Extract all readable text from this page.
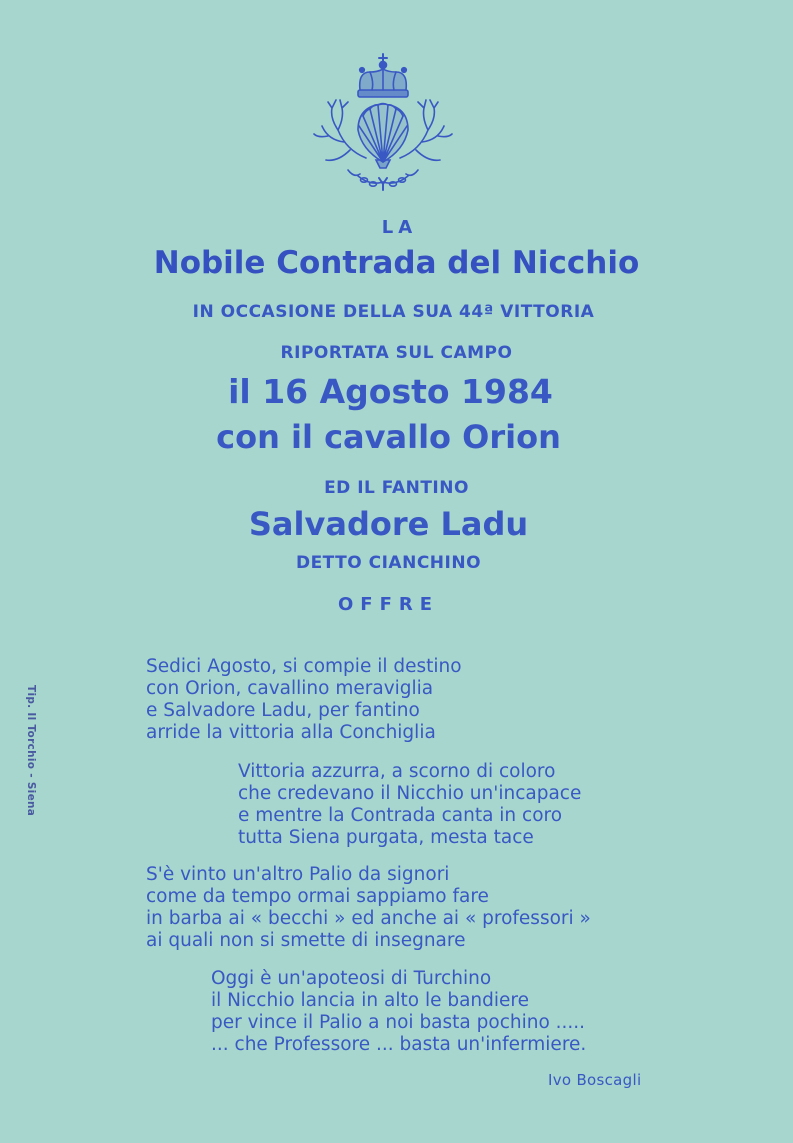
LA
Nobile Contrada del Nicchio
IN OCCASIONE DELLA SUA 44ª VITTORIA
RIPORTATA SUL CAMPO
il 16 Agosto 1984
con il cavallo Orion
ED IL FANTINO
Salvadore Ladu
DETTO CIANCHINO
OFFRE
Sedici Agosto, si compie il destino
con Orion, cavallino meraviglia
e Salvadore Ladu, per fantino
arride la vittoria alla Conchiglia
Vittoria azzurra, a scorno di coloro
che credevano il Nicchio un'incapace
e mentre la Contrada canta in coro
tutta Siena purgata, mesta tace
S'è vinto un'altro Palio da signori
come da tempo ormai sappiamo fare
in barba ai « becchi » ed anche ai « professori »
ai quali non si smette di insegnare
Oggi è un'apoteosi di Turchino
il Nicchio lancia in alto le bandiere
per vince il Palio a noi basta pochino .....
... che Professore ... basta un'infermiere.
Ivo Boscagli
Tip. Il Torchio - Siena
